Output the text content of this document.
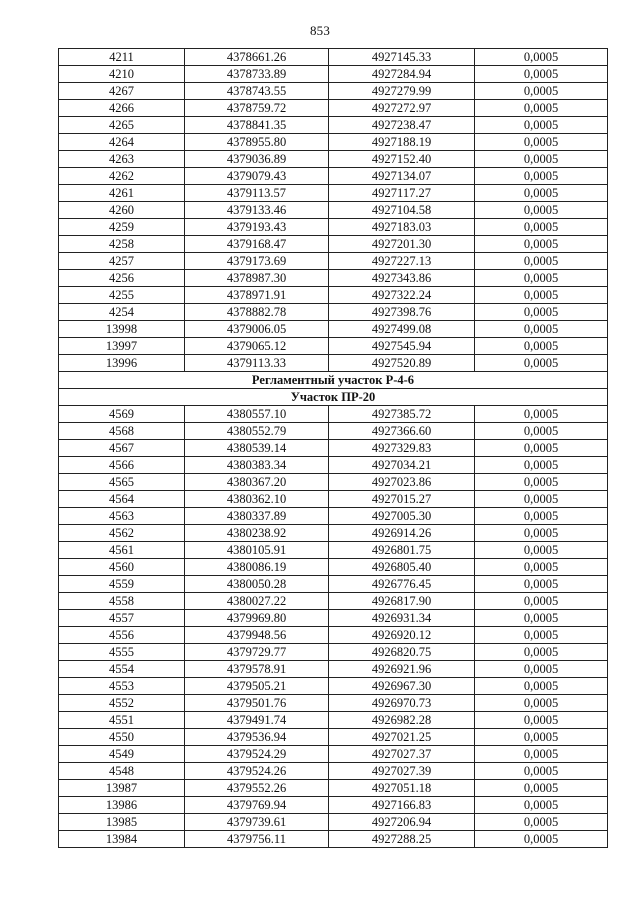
853
4211	4378661.26	4927145.33	0,0005
4210	4378733.89	4927284.94	0,0005
4267	4378743.55	4927279.99	0,0005
4266	4378759.72	4927272.97	0,0005
4265	4378841.35	4927238.47	0,0005
4264	4378955.80	4927188.19	0,0005
4263	4379036.89	4927152.40	0,0005
4262	4379079.43	4927134.07	0,0005
4261	4379113.57	4927117.27	0,0005
4260	4379133.46	4927104.58	0,0005
4259	4379193.43	4927183.03	0,0005
4258	4379168.47	4927201.30	0,0005
4257	4379173.69	4927227.13	0,0005
4256	4378987.30	4927343.86	0,0005
4255	4378971.91	4927322.24	0,0005
4254	4378882.78	4927398.76	0,0005
13998	4379006.05	4927499.08	0,0005
13997	4379065.12	4927545.94	0,0005
13996	4379113.33	4927520.89	0,0005
Регламентный участок Р-4-6			
Участок ПР-20			
4569	4380557.10	4927385.72	0,0005
4568	4380552.79	4927366.60	0,0005
4567	4380539.14	4927329.83	0,0005
4566	4380383.34	4927034.21	0,0005
4565	4380367.20	4927023.86	0,0005
4564	4380362.10	4927015.27	0,0005
4563	4380337.89	4927005.30	0,0005
4562	4380238.92	4926914.26	0,0005
4561	4380105.91	4926801.75	0,0005
4560	4380086.19	4926805.40	0,0005
4559	4380050.28	4926776.45	0,0005
4558	4380027.22	4926817.90	0,0005
4557	4379969.80	4926931.34	0,0005
4556	4379948.56	4926920.12	0,0005
4555	4379729.77	4926820.75	0,0005
4554	4379578.91	4926921.96	0,0005
4553	4379505.21	4926967.30	0,0005
4552	4379501.76	4926970.73	0,0005
4551	4379491.74	4926982.28	0,0005
4550	4379536.94	4927021.25	0,0005
4549	4379524.29	4927027.37	0,0005
4548	4379524.26	4927027.39	0,0005
13987	4379552.26	4927051.18	0,0005
13986	4379769.94	4927166.83	0,0005
13985	4379739.61	4927206.94	0,0005
13984	4379756.11	4927288.25	0,0005
